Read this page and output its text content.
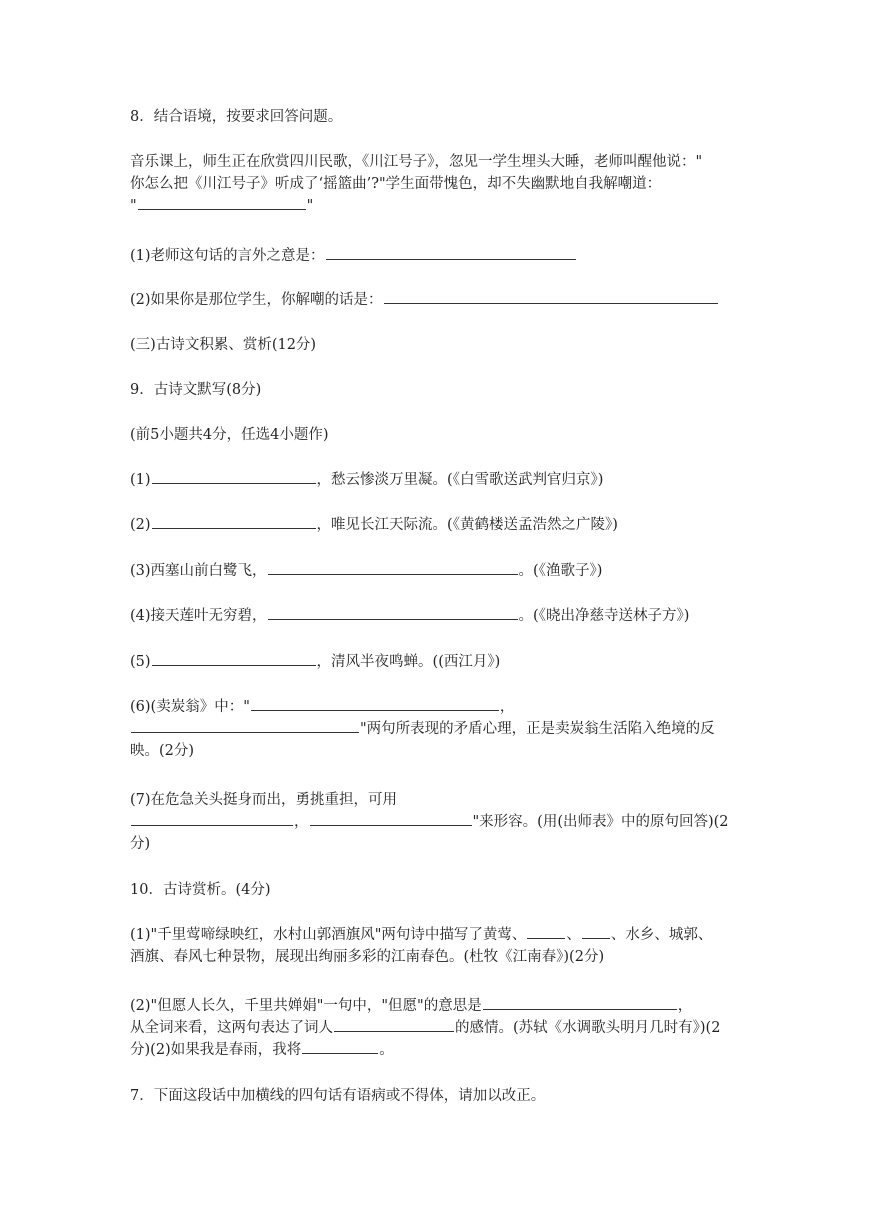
8．结合语境，按要求回答问题。
音乐课上，师生正在欣赏四川民歌，《川江号子》，忽见一学生埋头大睡，老师叫醒他说："
你怎么把《川江号子》听成了‘摇篮曲’?"学生面带愧色，却不失幽默地自我解嘲道：
"	"
(1)老师这句话的言外之意是：
(2)如果你是那位学生，你解嘲的话是：
(三)古诗文积累、赏析(12分)
9．古诗文默写(8分)
(前5小题共4分，任选4小题作)
(1)	，愁云惨淡万里凝。(《白雪歌送武判官归京》)
(2)	，唯见长江天际流。(《黄鹤楼送孟浩然之广陵》)
(3)西塞山前白鹭飞，	。(《渔歌子》)
(4)接天莲叶无穷碧，	。(《晓出净慈寺送林子方》)
(5)	，清风半夜鸣蝉。((西江月》)
(6)(卖炭翁》中："	，
"两句所表现的矛盾心理，正是卖炭翁生活陷入绝境的反
映。(2分)
(7)在危急关头挺身而出，勇挑重担，可用
，	"来形容。(用(出师表》中的原句回答)(2
分)
10．古诗赏析。(4分)
(1)"千里莺啼绿映红，水村山郭酒旗风"两句诗中描写了黄莺、	、 、水乡、城郭、
酒旗、春风七种景物，展现出绚丽多彩的江南春色。(杜牧《江南春》)(2分)
(2)"但愿人长久，千里共婵娟"一句中，"但愿"的意思是	，
从全词来看，这两句表达了词人	的感情。(苏轼《水调歌头明月几时有》)(2
分)(2)如果我是春雨，我将	。
7．下面这段话中加横线的四句话有语病或不得体，请加以改正。
